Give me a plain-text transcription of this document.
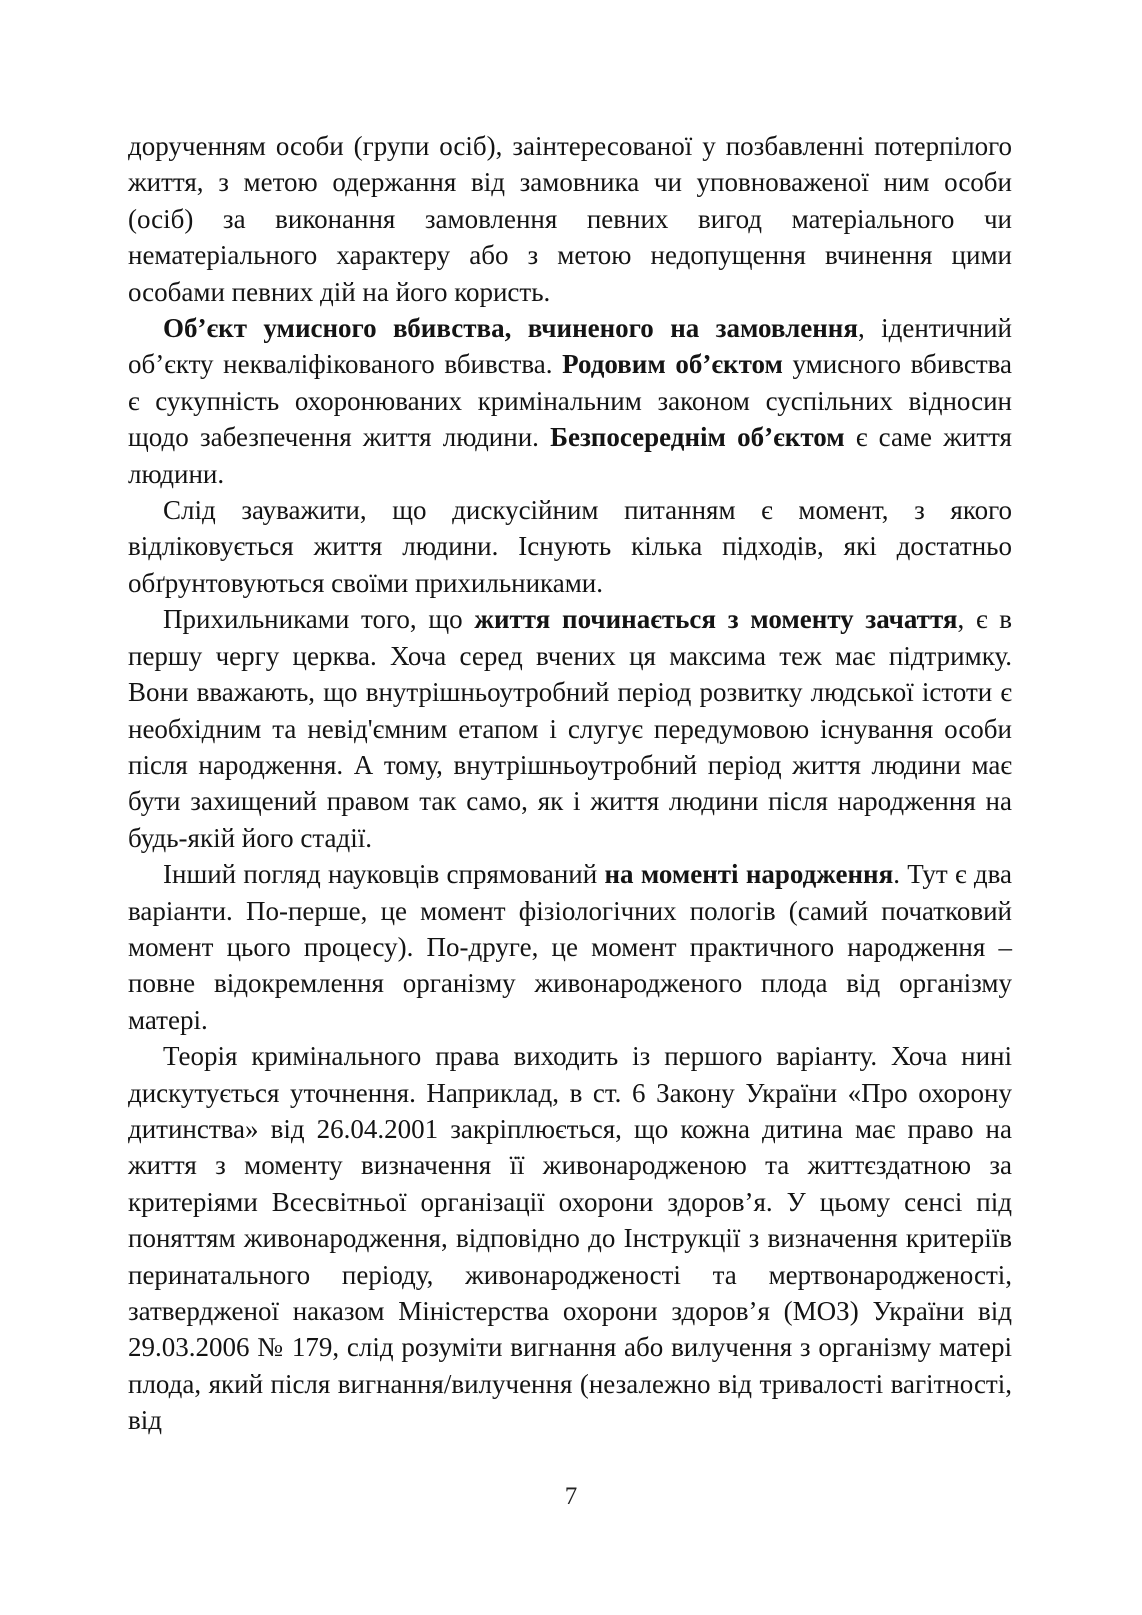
дорученням особи (групи осіб), заінтересованої у позбавленні потерпілого життя, з метою одержання від замовника чи уповноваженої ним особи (осіб) за виконання замовлення певних вигод матеріального чи нематеріального характеру або з метою недопущення вчинення цими особами певних дій на його користь.

Об’єкт умисного вбивства, вчиненого на замовлення, ідентичний об’єкту некваліфікованого вбивства. Родовим об’єктом умисного вбивства є сукупність охоронюваних кримінальним законом суспільних відносин щодо забезпечення життя людини. Безпосереднім об’єктом є саме життя людини.

Слід зауважити, що дискусійним питанням є момент, з якого відліковується життя людини. Існують кілька підходів, які достатньо обґрунтовуються своїми прихильниками.

Прихильниками того, що життя починається з моменту зачаття, є в першу чергу церква. Хоча серед вчених ця максима теж має підтримку. Вони вважають, що внутрішньоутробний період розвитку людської істоти є необхідним та невід'ємним етапом і слугує передумовою існування особи після народження. А тому, внутрішньоутробний період життя людини має бути захищений правом так само, як і життя людини після народження на будь-якій його стадії.

Інший погляд науковців спрямований на моменті народження. Тут є два варіанти. По-перше, це момент фізіологічних пологів (самий початковий момент цього процесу). По-друге, це момент практичного народження – повне відокремлення організму живонародженого плода від організму матері.

Теорія кримінального права виходить із першого варіанту. Хоча нині дискутується уточнення. Наприклад, в ст. 6 Закону України «Про охорону дитинства» від 26.04.2001 закріплюється, що кожна дитина має право на життя з моменту визначення її живонародженою та життєздатною за критеріями Всесвітньої організації охорони здоров’я. У цьому сенсі під поняттям живонародження, відповідно до Інструкції з визначення критеріїв перинатального періоду, живонародженості та мертвонародженості, затвердженої наказом Міністерства охорони здоров’я (МОЗ) України від 29.03.2006 № 179, слід розуміти вигнання або вилучення з організму матері плода, який після вигнання/вилучення (незалежно від тривалості вагітності, від

7
